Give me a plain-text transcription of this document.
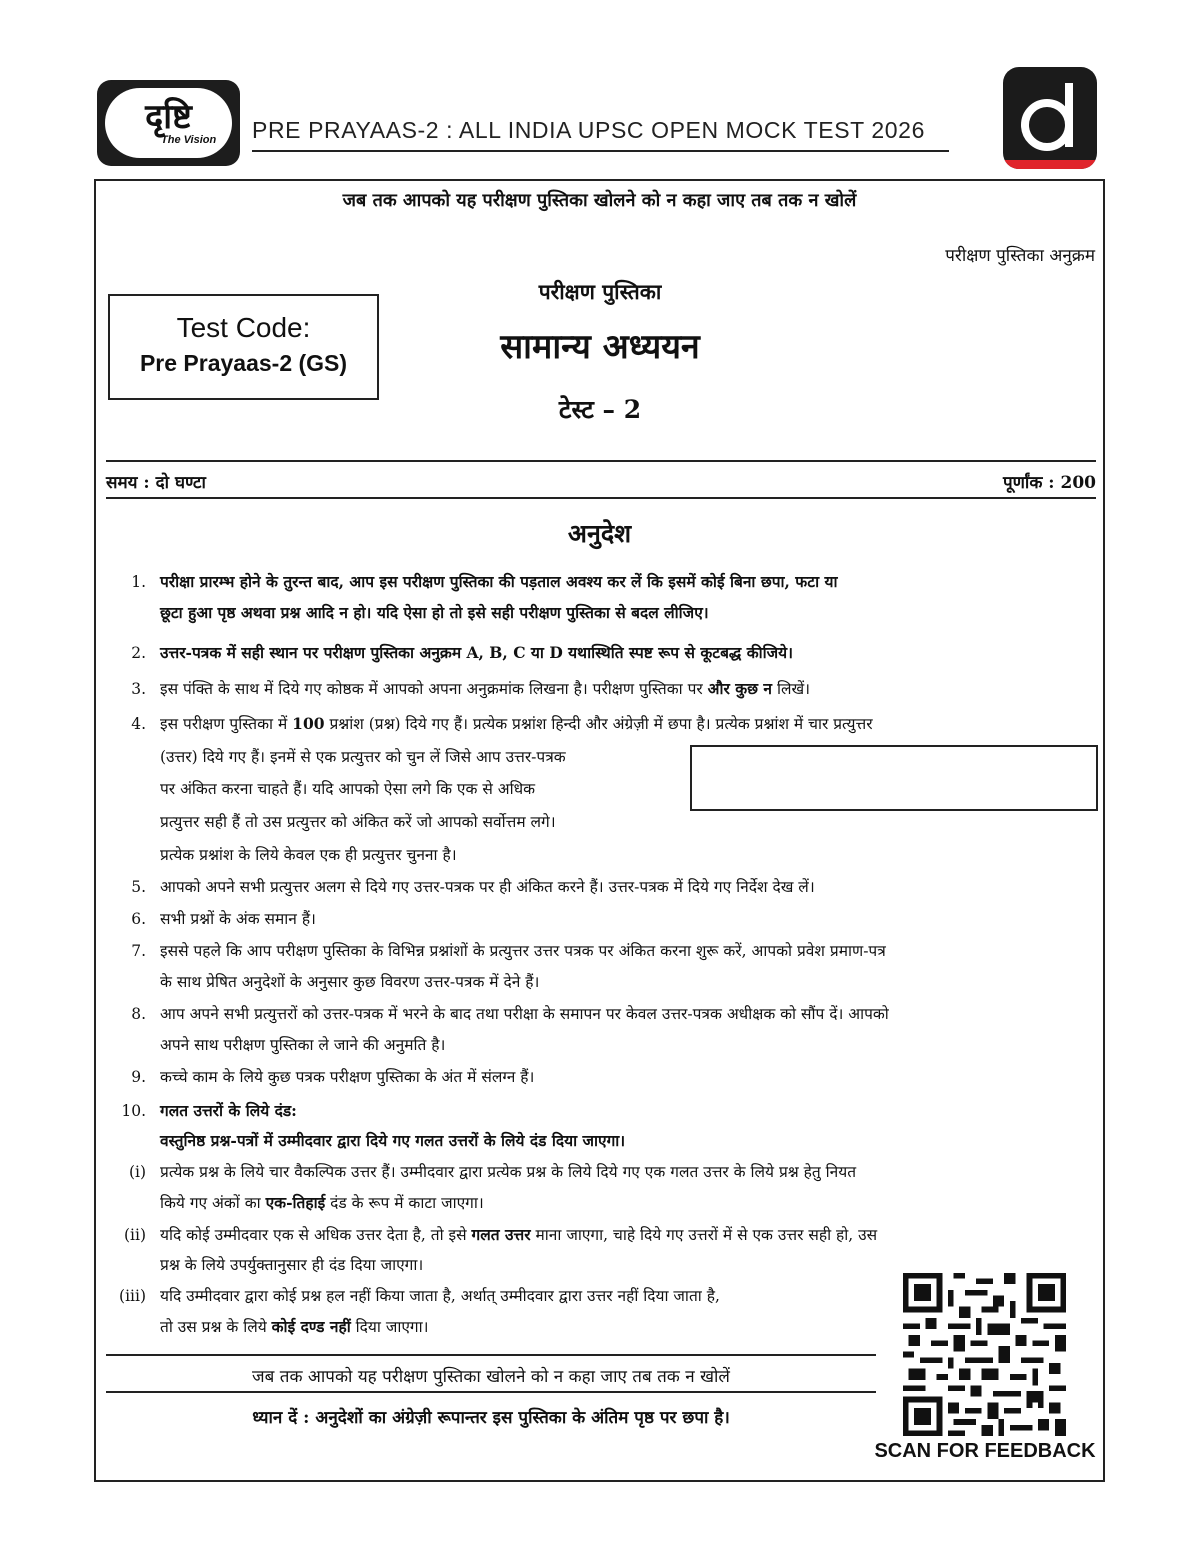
दृष्टि
The Vision PRE PRAYAAS-2 : ALL INDIA UPSC OPEN MOCK TEST 2026
जब तक आपको यह परीक्षण पुस्तिका खोलने को न कहा जाए तब तक न खोलें
परीक्षण पुस्तिका अनुक्रम
परीक्षण पुस्तिका
सामान्य अध्ययन
टेस्ट – 2
Test Code:
Pre Prayaas-2 (GS)
समय : दो घण्टा	पूर्णांक : 200
अनुदेश
1. परीक्षा प्रारम्भ होने के तुरन्त बाद, आप इस परीक्षण पुस्तिका की पड़ताल अवश्य कर लें कि इसमें कोई बिना छपा, फटा या
छूटा हुआ पृष्ठ अथवा प्रश्न आदि न हो। यदि ऐसा हो तो इसे सही परीक्षण पुस्तिका से बदल लीजिए।
2. उत्तर-पत्रक में सही स्थान पर परीक्षण पुस्तिका अनुक्रम A, B, C या D यथास्थिति स्पष्ट रूप से कूटबद्ध कीजिये।
3. इस पंक्ति के साथ में दिये गए कोष्ठक में आपको अपना अनुक्रमांक लिखना है। परीक्षण पुस्तिका पर और कुछ न लिखें।
4. इस परीक्षण पुस्तिका में 100 प्रश्नांश (प्रश्न) दिये गए हैं। प्रत्येक प्रश्नांश हिन्दी और अंग्रेज़ी में छपा है। प्रत्येक प्रश्नांश में चार प्रत्युत्तर
(उत्तर) दिये गए हैं। इनमें से एक प्रत्युत्तर को चुन लें जिसे आप उत्तर-पत्रक
पर अंकित करना चाहते हैं। यदि आपको ऐसा लगे कि एक से अधिक
प्रत्युत्तर सही हैं तो उस प्रत्युत्तर को अंकित करें जो आपको सर्वोत्तम लगे।
प्रत्येक प्रश्नांश के लिये केवल एक ही प्रत्युत्तर चुनना है।
5. आपको अपने सभी प्रत्युत्तर अलग से दिये गए उत्तर-पत्रक पर ही अंकित करने हैं। उत्तर-पत्रक में दिये गए निर्देश देख लें।
6. सभी प्रश्नों के अंक समान हैं।
7. इससे पहले कि आप परीक्षण पुस्तिका के विभिन्न प्रश्नांशों के प्रत्युत्तर उत्तर पत्रक पर अंकित करना शुरू करें, आपको प्रवेश प्रमाण-पत्र
के साथ प्रेषित अनुदेशों के अनुसार कुछ विवरण उत्तर-पत्रक में देने हैं।
8. आप अपने सभी प्रत्युत्तरों को उत्तर-पत्रक में भरने के बाद तथा परीक्षा के समापन पर केवल उत्तर-पत्रक अधीक्षक को सौंप दें। आपको
अपने साथ परीक्षण पुस्तिका ले जाने की अनुमति है।
9. कच्चे काम के लिये कुछ पत्रक परीक्षण पुस्तिका के अंत में संलग्न हैं।
10. गलत उत्तरों के लिये दंड:
वस्तुनिष्ठ प्रश्न-पत्रों में उम्मीदवार द्वारा दिये गए गलत उत्तरों के लिये दंड दिया जाएगा।
(i) प्रत्येक प्रश्न के लिये चार वैकल्पिक उत्तर हैं। उम्मीदवार द्वारा प्रत्येक प्रश्न के लिये दिये गए एक गलत उत्तर के लिये प्रश्न हेतु नियत
किये गए अंकों का एक-तिहाई दंड के रूप में काटा जाएगा।
(ii) यदि कोई उम्मीदवार एक से अधिक उत्तर देता है, तो इसे गलत उत्तर माना जाएगा, चाहे दिये गए उत्तरों में से एक उत्तर सही हो, उस
प्रश्न के लिये उपर्युक्तानुसार ही दंड दिया जाएगा।
(iii) यदि उम्मीदवार द्वारा कोई प्रश्न हल नहीं किया जाता है, अर्थात् उम्मीदवार द्वारा उत्तर नहीं दिया जाता है,
तो उस प्रश्न के लिये कोई दण्ड नहीं दिया जाएगा।
जब तक आपको यह परीक्षण पुस्तिका खोलने को न कहा जाए तब तक न खोलें
ध्यान दें : अनुदेशों का अंग्रेज़ी रूपान्तर इस पुस्तिका के अंतिम पृष्ठ पर छपा है।
SCAN FOR FEEDBACK
